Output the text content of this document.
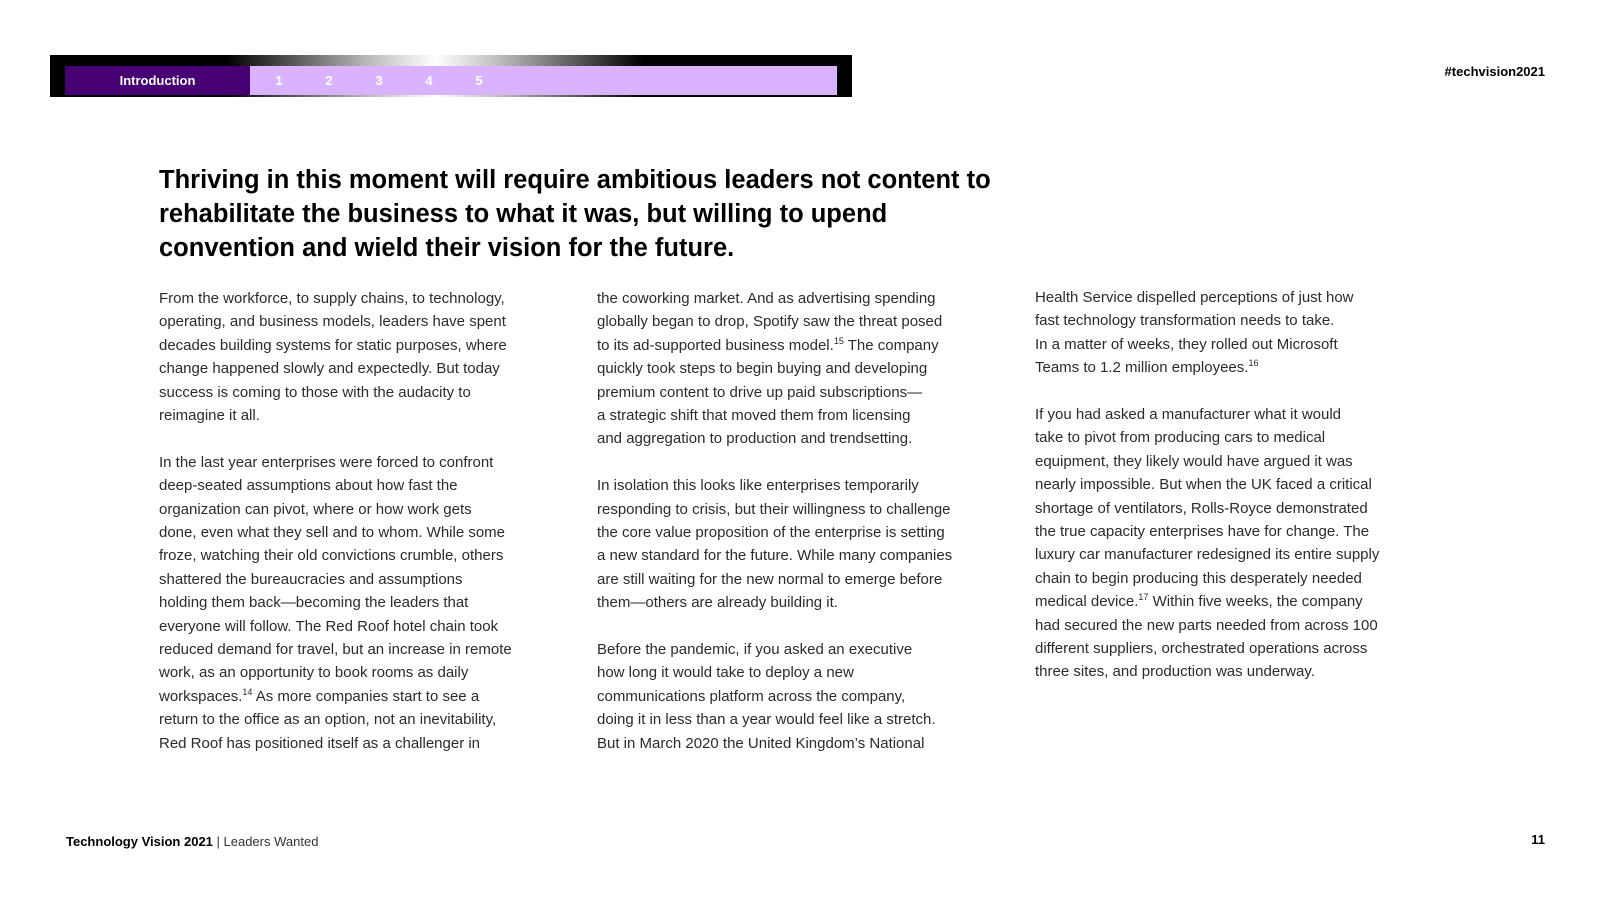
Introduction	1	2	3	4	5
#techvision2021
Thriving in this moment will require ambitious leaders not content to rehabilitate the business to what it was, but willing to upend convention and wield their vision for the future.

From the workforce, to supply chains, to technology,
operating, and business models, leaders have spent
decades building systems for static purposes, where
change happened slowly and expectedly. But today
success is coming to those with the audacity to
reimagine it all.

In the last year enterprises were forced to confront
deep-seated assumptions about how fast the
organization can pivot, where or how work gets
done, even what they sell and to whom. While some
froze, watching their old convictions crumble, others
shattered the bureaucracies and assumptions
holding them back—becoming the leaders that
everyone will follow. The Red Roof hotel chain took
reduced demand for travel, but an increase in remote
work, as an opportunity to book rooms as daily
workspaces.$^{14}$ As more companies start to see a
return to the office as an option, not an inevitability,
Red Roof has positioned itself as a challenger in

the coworking market. And as advertising spending
globally began to drop, Spotify saw the threat posed
to its ad-supported business model.$^{15}$ The company
quickly took steps to begin buying and developing
premium content to drive up paid subscriptions—
a strategic shift that moved them from licensing
and aggregation to production and trendsetting.

In isolation this looks like enterprises temporarily
responding to crisis, but their willingness to challenge
the core value proposition of the enterprise is setting
a new standard for the future. While many companies
are still waiting for the new normal to emerge before
them—others are already building it.

Before the pandemic, if you asked an executive
how long it would take to deploy a new
communications platform across the company,
doing it in less than a year would feel like a stretch.
But in March 2020 the United Kingdom’s National

Health Service dispelled perceptions of just how
fast technology transformation needs to take.
In a matter of weeks, they rolled out Microsoft
Teams to 1.2 million employees.$^{16}$

If you had asked a manufacturer what it would
take to pivot from producing cars to medical
equipment, they likely would have argued it was
nearly impossible. But when the UK faced a critical
shortage of ventilators, Rolls-Royce demonstrated
the true capacity enterprises have for change. The
luxury car manufacturer redesigned its entire supply
chain to begin producing this desperately needed
medical device.$^{17}$ Within five weeks, the company
had secured the new parts needed from across 100
different suppliers, orchestrated operations across
three sites, and production was underway.

Technology Vision 2021 | Leaders Wanted	11
